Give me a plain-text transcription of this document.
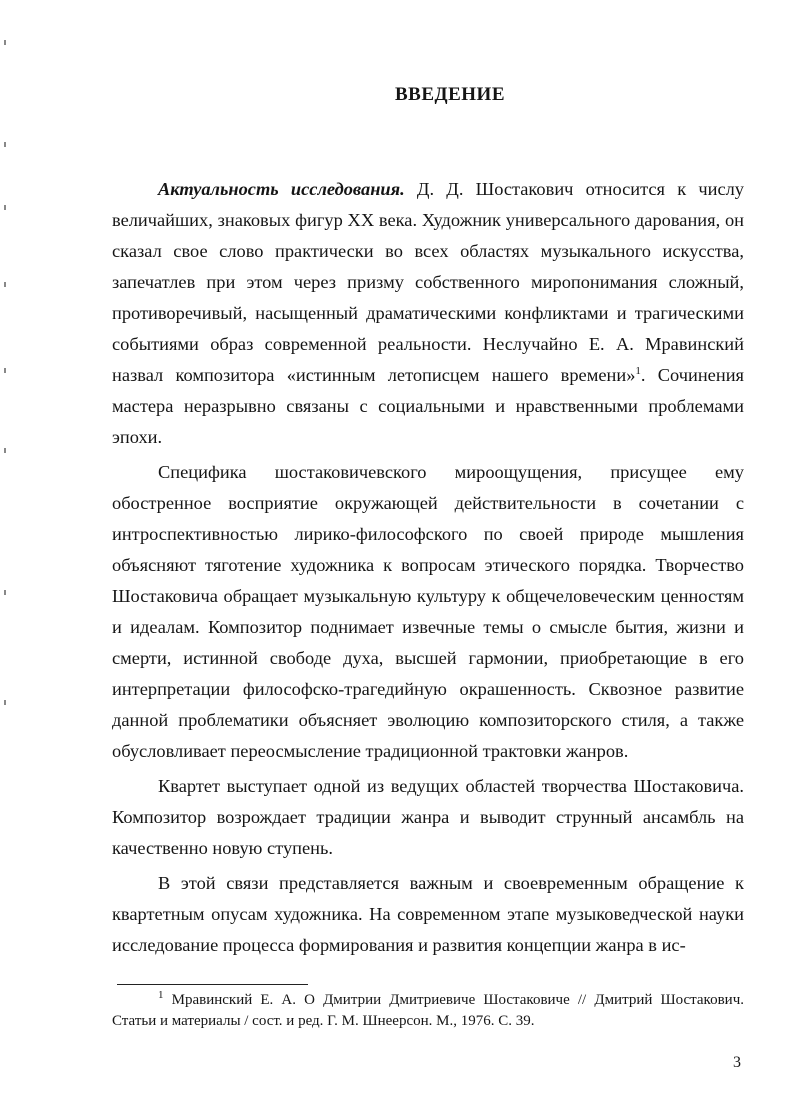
ВВЕДЕНИЕ

Актуальность исследования. Д. Д. Шостакович относится к числу величайших, знаковых фигур XX века. Художник универсального дарования, он сказал свое слово практически во всех областях музыкального искусства, запечатлев при этом через призму собственного миропонимания сложный, противоречивый, насыщенный драматическими конфликтами и трагическими событиями образ современной реальности. Неслучайно Е. А. Мравинский назвал композитора «истинным летописцем нашего времени»$^1$. Сочинения мастера неразрывно связаны с социальными и нравственными проблемами эпохи.

Специфика шостаковичевского мироощущения, присущее ему обостренное восприятие окружающей действительности в сочетании с интроспективностью лирико-философского по своей природе мышления объясняют тяготение художника к вопросам этического порядка. Творчество Шостаковича обращает музыкальную культуру к общечеловеческим ценностям и идеалам. Композитор поднимает извечные темы о смысле бытия, жизни и смерти, истинной свободе духа, высшей гармонии, приобретающие в его интерпретации философско-трагедийную окрашенность. Сквозное развитие данной проблематики объясняет эволюцию композиторского стиля, а также обусловливает переосмысление традиционной трактовки жанров.

Квартет выступает одной из ведущих областей творчества Шостаковича. Композитор возрождает традиции жанра и выводит струнный ансамбль на качественно новую ступень.

В этой связи представляется важным и своевременным обращение к квартетным опусам художника. На современном этапе музыковедческой науки исследование процесса формирования и развития концепции жанра в ис-

$^1$ Мравинский Е. А. О Дмитрии Дмитриевиче Шостаковиче // Дмитрий Шостакович. Статьи и материалы / сост. и ред. Г. М. Шнеерсон. М., 1976. С. 39.

3
